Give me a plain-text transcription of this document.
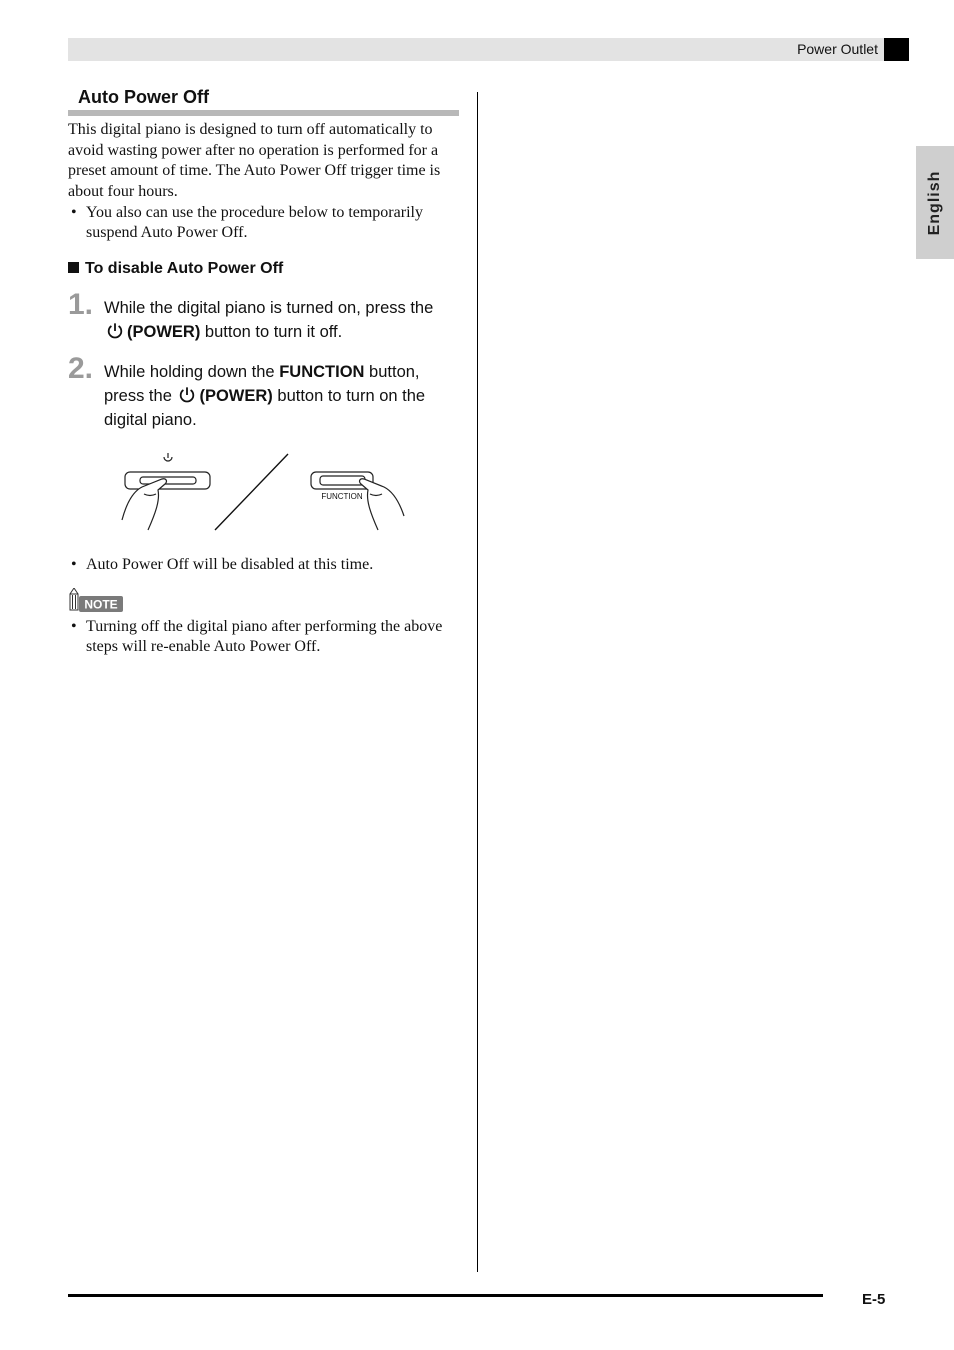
Power Outlet
English
Auto Power Off

This digital piano is designed to turn off automatically to avoid wasting power after no operation is performed for a preset amount of time. The Auto Power Off trigger time is about four hours.

• You also can use the procedure below to temporarily suspend Auto Power Off.
To disable Auto Power Off
1. While the digital piano is turned on, press the
(POWER) button to turn it off.
2. While holding down the FUNCTION button, press the (POWER) button to turn on the digital piano.
FUNCTION
• Auto Power Off will be disabled at this time.
NOTE
• Turning off the digital piano after performing the above steps will re-enable Auto Power Off.
E-5
